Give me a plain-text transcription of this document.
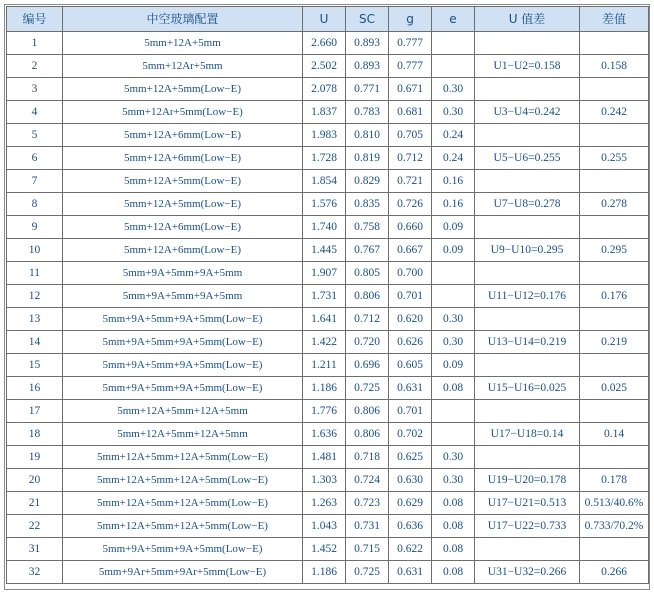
编号	中空玻璃配置	U	SC	g	e	U 值差	差值
1	5mm+12A+5mm	2.660	0.893	0.777			
2	5mm+12Ar+5mm	2.502	0.893	0.777		U1−U2=0.158	0.158
3	5mm+12A+5mm(Low−E)	2.078	0.771	0.671	0.30		
4	5mm+12Ar+5mm(Low−E)	1.837	0.783	0.681	0.30	U3−U4=0.242	0.242
5	5mm+12A+6mm(Low−E)	1.983	0.810	0.705	0.24		
6	5mm+12A+6mm(Low−E)	1.728	0.819	0.712	0.24	U5−U6=0.255	0.255
7	5mm+12A+5mm(Low−E)	1.854	0.829	0.721	0.16		
8	5mm+12A+5mm(Low−E)	1.576	0.835	0.726	0.16	U7−U8=0.278	0.278
9	5mm+12A+6mm(Low−E)	1.740	0.758	0.660	0.09		
10	5mm+12A+6mm(Low−E)	1.445	0.767	0.667	0.09	U9−U10=0.295	0.295
11	5mm+9A+5mm+9A+5mm	1.907	0.805	0.700			
12	5mm+9A+5mm+9A+5mm	1.731	0.806	0.701		U11−U12=0.176	0.176
13	5mm+9A+5mm+9A+5mm(Low−E)	1.641	0.712	0.620	0.30		
14	5mm+9A+5mm+9A+5mm(Low−E)	1.422	0.720	0.626	0.30	U13−U14=0.219	0.219
15	5mm+9A+5mm+9A+5mm(Low−E)	1.211	0.696	0.605	0.09		
16	5mm+9A+5mm+9A+5mm(Low−E)	1.186	0.725	0.631	0.08	U15−U16=0.025	0.025
17	5mm+12A+5mm+12A+5mm	1.776	0.806	0.701			
18	5mm+12A+5mm+12A+5mm	1.636	0.806	0.702		U17−U18=0.14	0.14
19	5mm+12A+5mm+12A+5mm(Low−E)	1.481	0.718	0.625	0.30		
20	5mm+12A+5mm+12A+5mm(Low−E)	1.303	0.724	0.630	0.30	U19−U20=0.178	0.178
21	5mm+12A+5mm+12A+5mm(Low−E)	1.263	0.723	0.629	0.08	U17−U21=0.513	0.513/40.6%
22	5mm+12A+5mm+12A+5mm(Low−E)	1.043	0.731	0.636	0.08	U17−U22=0.733	0.733/70.2%
31	5mm+9A+5mm+9A+5mm(Low−E)	1.452	0.715	0.622	0.08		
32	5mm+9Ar+5mm+9Ar+5mm(Low−E)	1.186	0.725	0.631	0.08	U31−U32=0.266	0.266
